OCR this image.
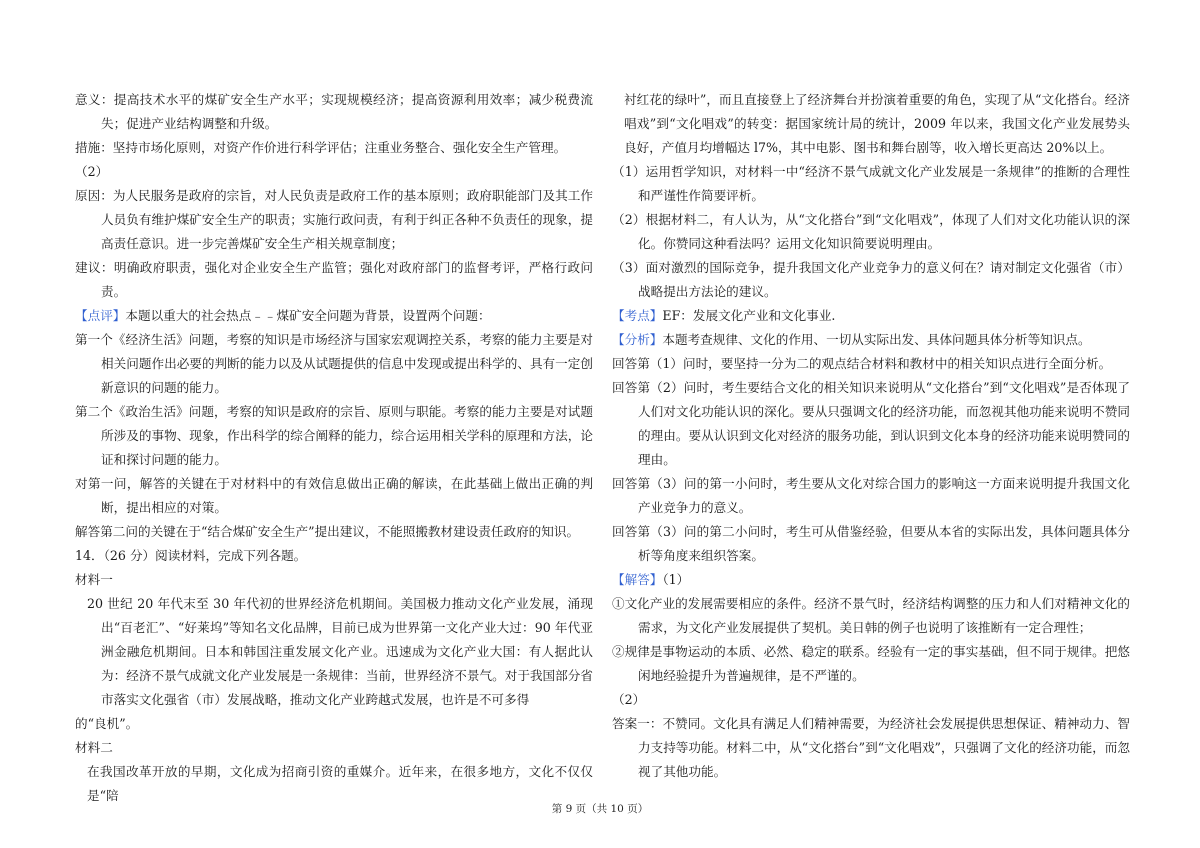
意义：提高技术水平的煤矿安全生产水平；实现规模经济；提高资源利用效率；减少税费流失；促进产业结构调整和升级。

措施：坚持市场化原则，对资产作价进行科学评估；注重业务整合、强化安全生产管理。

（2）

原因：为人民服务是政府的宗旨，对人民负责是政府工作的基本原则；政府职能部门及其工作人员负有维护煤矿安全生产的职责；实施行政问责，有利于纠正各种不负责任的现象，提高责任意识。进一步完善煤矿安全生产相关规章制度；

建议：明确政府职责，强化对企业安全生产监管；强化对政府部门的监督考评，严格行政问责。

【点评】本题以重大的社会热点﹣﹣煤矿安全问题为背景，设置两个问题：

第一个《经济生活》问题，考察的知识是市场经济与国家宏观调控关系，考察的能力主要是对相关问题作出必要的判断的能力以及从试题提供的信息中发现或提出科学的、具有一定创新意识的问题的能力。

第二个《政治生活》问题，考察的知识是政府的宗旨、原则与职能。考察的能力主要是对试题所涉及的事物、现象，作出科学的综合阐释的能力，综合运用相关学科的原理和方法，论证和探讨问题的能力。

对第一问，解答的关键在于对材料中的有效信息做出正确的解读，在此基础上做出正确的判断，提出相应的对策。

解答第二问的关键在于“结合煤矿安全生产”提出建议，不能照搬教材建设责任政府的知识。

14．（26 分）阅读材料，完成下列各题。

材料一

20 世纪 20 年代末至 30 年代初的世界经济危机期间。美国极力推动文化产业发展，涌现出“百老汇”、“好莱坞”等知名文化品牌，目前已成为世界第一文化产业大过：90 年代亚洲金融危机期间。日本和韩国注重发展文化产业。迅速成为文化产业大国：有人据此认为：经济不景气成就文化产业发展是一条规律：当前，世界经济不景气。对于我国部分省市落实文化强省（市）发展战略，推动文化产业跨越式发展，也许是不可多得

的“良机”。

材料二

在我国改革开放的早期，文化成为招商引资的重媒介。近年来，在很多地方，文化不仅仅是“陪

衬红花的绿叶”，而且直接登上了经济舞台并扮演着重要的角色，实现了从“文化搭台。经济唱戏”到“文化唱戏”的转变：据国家统计局的统计，2009 年以来，我国文化产业发展势头良好，产值月均增幅达 l7%，其中电影、图书和舞台剧等，收入增长更高达 20%以上。

（1）运用哲学知识，对材料一中“经济不景气成就文化产业发展是一条规律”的推断的合理性和严谨性作简要评析。

（2）根据材料二，有人认为，从“文化搭台”到“文化唱戏”，体现了人们对文化功能认识的深化。你赞同这种看法吗？运用文化知识简要说明理由。

（3）面对激烈的国际竞争，提升我国文化产业竞争力的意义何在？请对制定文化强省（市）战略提出方法论的建议。

【考点】EF：发展文化产业和文化事业.

【分析】本题考查规律、文化的作用、一切从实际出发、具体问题具体分析等知识点。

回答第（1）问时，要坚持一分为二的观点结合材料和教材中的相关知识点进行全面分析。

回答第（2）问时，考生要结合文化的相关知识来说明从“文化搭台”到“文化唱戏”是否体现了人们对文化功能认识的深化。要从只强调文化的经济功能，而忽视其他功能来说明不赞同的理由。要从认识到文化对经济的服务功能，到认识到文化本身的经济功能来说明赞同的理由。

回答第（3）问的第一小问时，考生要从文化对综合国力的影响这一方面来说明提升我国文化产业竞争力的意义。

回答第（3）问的第二小问时，考生可从借鉴经验，但要从本省的实际出发，具体问题具体分析等角度来组织答案。

【解答】（1）

①文化产业的发展需要相应的条件。经济不景气时，经济结构调整的压力和人们对精神文化的需求，为文化产业发展提供了契机。美日韩的例子也说明了该推断有一定合理性；

②规律是事物运动的本质、必然、稳定的联系。经验有一定的事实基础，但不同于规律。把悠闲地经验提升为普遍规律，是不严谨的。

（2）

答案一：不赞同。文化具有满足人们精神需要，为经济社会发展提供思想保证、精神动力、智力支持等功能。材料二中，从“文化搭台”到“文化唱戏”，只强调了文化的经济功能，而忽视了其他功能。

第 9 页（共 10 页）
